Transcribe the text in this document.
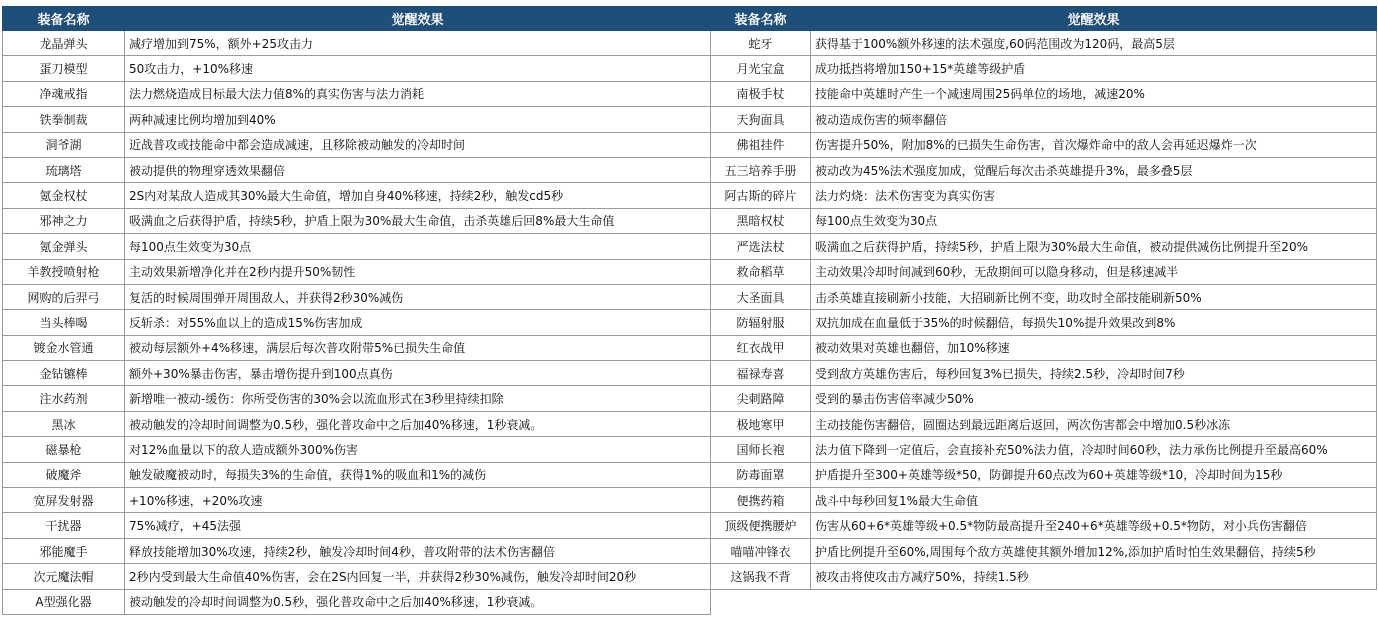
装备名称	觉醒效果	装备名称	觉醒效果
龙晶弹头	减疗增加到75%，额外+25攻击力	蛇牙	获得基于100%额外移速的法术强度,60码范围改为120码，最高5层
蛋刀模型	50攻击力，+10%移速	月光宝盒	成功抵挡将增加150+15*英雄等级护盾
净魂戒指	法力燃烧造成目标最大法力值8%的真实伤害与法力消耗	南极手杖	技能命中英雄时产生一个减速周围25码单位的场地，减速20%
铁拳制裁	两种减速比例均增加到40%	天狗面具	被动造成伤害的频率翻倍
洞爷湖	近战普攻或技能命中都会造成减速，且移除被动触发的冷却时间	佛祖挂件	伤害提升50%，附加8%的已损失生命伤害，首次爆炸命中的敌人会再延迟爆炸一次
琉璃塔	被动提供的物理穿透效果翻倍	五三培养手册	被动改为45%法术强度加成，觉醒后每次击杀英雄提升3%，最多叠5层
氪金权杖	2S内对某敌人造成其30%最大生命值，增加自身40%移速，持续2秒，触发cd5秒	阿古斯的碎片	法力灼烧：法术伤害变为真实伤害
邪神之力	吸满血之后获得护盾，持续5秒，护盾上限为30%最大生命值，击杀英雄后回8%最大生命值	黑暗权杖	每100点生效变为30点
氪金弹头	每100点生效变为30点	严选法杖	吸满血之后获得护盾，持续5秒，护盾上限为30%最大生命值，被动提供减伤比例提升至20%
羊教授喷射枪	主动效果新增净化并在2秒内提升50%韧性	救命稻草	主动效果冷却时间减到60秒，无敌期间可以隐身移动，但是移速减半
网购的后羿弓	复活的时候周围弹开周围敌人，并获得2秒30%减伤	大圣面具	击杀英雄直接刷新小技能，大招刷新比例不变，助攻时全部技能刷新50%
当头棒喝	反斩杀：对55%血以上的造成15%伤害加成	防辐射服	双抗加成在血量低于35%的时候翻倍，每损失10%提升效果改到8%
镀金水管通	被动每层额外+4%移速，满层后每次普攻附带5%已损失生命值	红衣战甲	被动效果对英雄也翻倍，加10%移速
金钻镳棒	额外+30%暴击伤害，暴击增伤提升到100点真伤	福禄寿喜	受到敌方英雄伤害后，每秒回复3%已损失，持续2.5秒，冷却时间7秒
注水药剂	新增唯一被动-缓伤：你所受伤害的30%会以流血形式在3秒里持续扣除	尖刺路障	受到的暴击伤害倍率减少50%
黑冰	被动触发的冷却时间调整为0.5秒，强化普攻命中之后加40%移速，1秒衰减。	极地寒甲	主动技能伤害翻倍，圆圈达到最远距离后返回，两次伤害都会中增加0.5秒冰冻
磁暴枪	对12%血量以下的敌人造成额外300%伤害	国师长袍	法力值下降到一定值后，会直接补充50%法力值，冷却时间60秒，法力承伤比例提升至最高60%
破魔斧	触发破魔被动时，每损失3%的生命值，获得1%的吸血和1%的减伤	防毒面罩	护盾提升至300+英雄等级*50，防御提升60点改为60+英雄等级*10，冷却时间为15秒
宽屏发射器	+10%移速，+20%攻速	便携药箱	战斗中每秒回复1%最大生命值
干扰器	75%减疗，+45法强	顶级便携腰炉	伤害从60+6*英雄等级+0.5*物防最高提升至240+6*英雄等级+0.5*物防，对小兵伤害翻倍
邪能魔手	释放技能增加30%攻速，持续2秒，触发冷却时间4秒，普攻附带的法术伤害翻倍	喵喵冲锋衣	护盾比例提升至60%,周围每个敌方英雄使其额外增加12%,添加护盾时怕生效果翻倍，持续5秒
次元魔法帽	2秒内受到最大生命值40%伤害，会在2S内回复一半，并获得2秒30%减伤，触发冷却时间20秒	这锅我不背	被攻击将使攻击方减疗50%，持续1.5秒
A型强化器	被动触发的冷却时间调整为0.5秒，强化普攻命中之后加40%移速，1秒衰减。		
